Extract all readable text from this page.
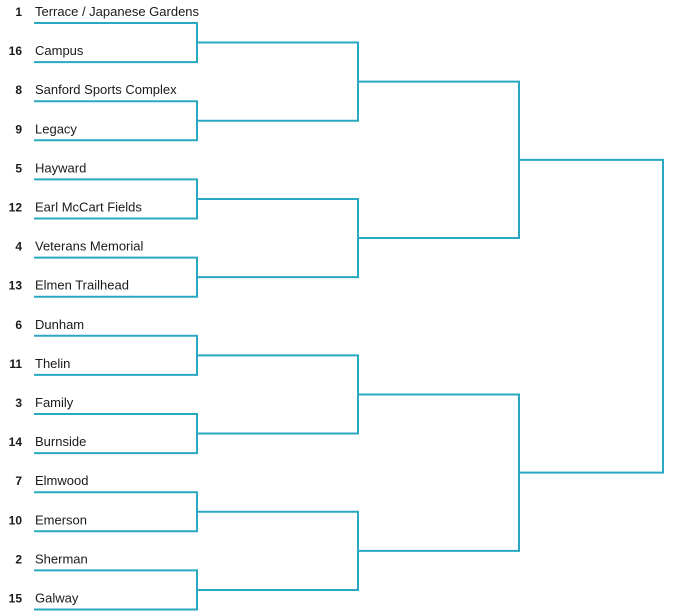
1 Terrace / Japanese Gardens
16 Campus
8 Sanford Sports Complex
9 Legacy
5 Hayward
12 Earl McCart Fields
4 Veterans Memorial
13 Elmen Trailhead
6 Dunham
11 Thelin
3 Family
14 Burnside
7 Elmwood
10 Emerson
2 Sherman
15 Galway
